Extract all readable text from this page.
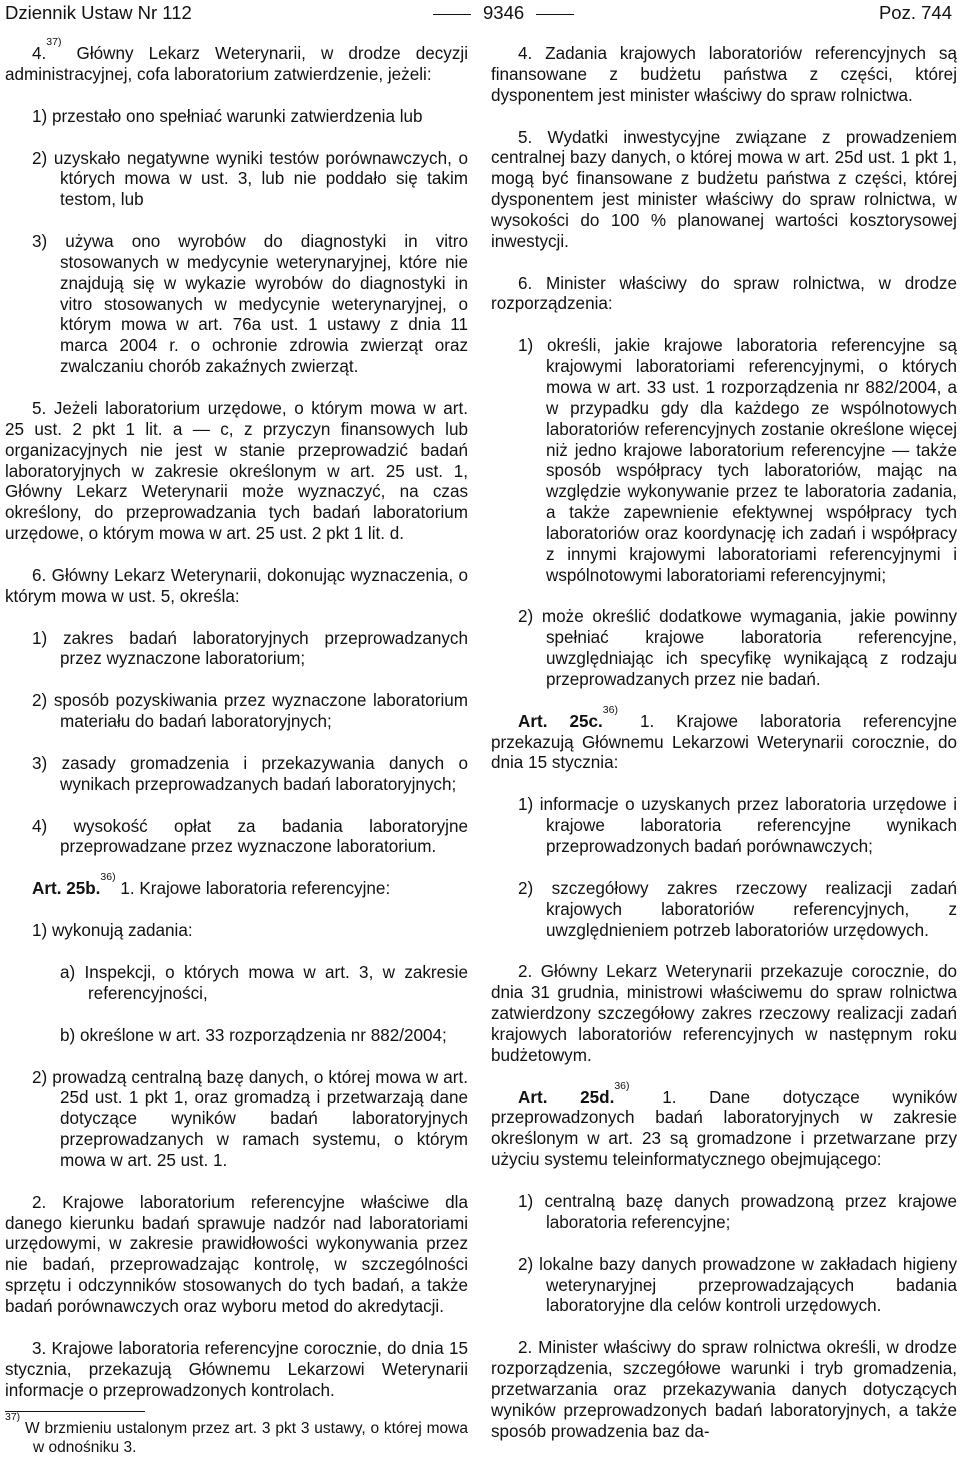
Dziennik Ustaw Nr 112	9346	Poz. 744

4.$^{37)}$ Główny Lekarz Weterynarii, w drodze decyzji administracyjnej, cofa laboratorium zatwierdzenie, jeżeli:

1) przestało ono spełniać warunki zatwierdzenia lub

2) uzyskało negatywne wyniki testów porównawczych, o których mowa w ust. 3, lub nie poddało się takim testom, lub

3) używa ono wyrobów do diagnostyki in vitro stosowanych w medycynie weterynaryjnej, które nie znajdują się w wykazie wyrobów do diagnostyki in vitro stosowanych w medycynie weterynaryjnej, o którym mowa w art. 76a ust. 1 ustawy z dnia 11 marca 2004 r. o ochronie zdrowia zwierząt oraz zwalczaniu chorób zakaźnych zwierząt.

5. Jeżeli laboratorium urzędowe, o którym mowa w art. 25 ust. 2 pkt 1 lit. a — c, z przyczyn finansowych lub organizacyjnych nie jest w stanie przeprowadzić badań laboratoryjnych w zakresie określonym w art. 25 ust. 1, Główny Lekarz Weterynarii może wyznaczyć, na czas określony, do przeprowadzania tych badań laboratorium urzędowe, o którym mowa w art. 25 ust. 2 pkt 1 lit. d.

6. Główny Lekarz Weterynarii, dokonując wyznaczenia, o którym mowa w ust. 5, określa:

1) zakres badań laboratoryjnych przeprowadzanych przez wyznaczone laboratorium;

2) sposób pozyskiwania przez wyznaczone laboratorium materiału do badań laboratoryjnych;

3) zasady gromadzenia i przekazywania danych o wynikach przeprowadzanych badań laboratoryjnych;

4) wysokość opłat za badania laboratoryjne przeprowadzane przez wyznaczone laboratorium.

Art. 25b.$^{36)}$ 1. Krajowe laboratoria referencyjne:

1) wykonują zadania:

a) Inspekcji, o których mowa w art. 3, w zakresie referencyjności,

b) określone w art. 33 rozporządzenia nr 882/2004;

2) prowadzą centralną bazę danych, o której mowa w art. 25d ust. 1 pkt 1, oraz gromadzą i przetwarzają dane dotyczące wyników badań laboratoryjnych przeprowadzanych w ramach systemu, o którym mowa w art. 25 ust. 1.

2. Krajowe laboratorium referencyjne właściwe dla danego kierunku badań sprawuje nadzór nad laboratoriami urzędowymi, w zakresie prawidłowości wykonywania przez nie badań, przeprowadzając kontrolę, w szczególności sprzętu i odczynników stosowanych do tych badań, a także badań porównawczych oraz wyboru metod do akredytacji.

3. Krajowe laboratoria referencyjne corocznie, do dnia 15 stycznia, przekazują Głównemu Lekarzowi Weterynarii informacje o przeprowadzonych kontrolach.

$^{37)}$ W brzmieniu ustalonym przez art. 3 pkt 3 ustawy, o której mowa w odnośniku 3.

4. Zadania krajowych laboratoriów referencyjnych są finansowane z budżetu państwa z części, której dysponentem jest minister właściwy do spraw rolnictwa.

5. Wydatki inwestycyjne związane z prowadzeniem centralnej bazy danych, o której mowa w art. 25d ust. 1 pkt 1, mogą być finansowane z budżetu państwa z części, której dysponentem jest minister właściwy do spraw rolnictwa, w wysokości do 100 % planowanej wartości kosztorysowej inwestycji.

6. Minister właściwy do spraw rolnictwa, w drodze rozporządzenia:

1) określi, jakie krajowe laboratoria referencyjne są krajowymi laboratoriami referencyjnymi, o których mowa w art. 33 ust. 1 rozporządzenia nr 882/2004, a w przypadku gdy dla każdego ze wspólnotowych laboratoriów referencyjnych zostanie określone więcej niż jedno krajowe laboratorium referencyjne — także sposób współpracy tych laboratoriów, mając na względzie wykonywanie przez te laboratoria zadania, a także zapewnienie efektywnej współpracy tych laboratoriów oraz koordynację ich zadań i współpracy z innymi krajowymi laboratoriami referencyjnymi i wspólnotowymi laboratoriami referencyjnymi;

2) może określić dodatkowe wymagania, jakie powinny spełniać krajowe laboratoria referencyjne, uwzględniając ich specyfikę wynikającą z rodzaju przeprowadzanych przez nie badań.

Art. 25c.$^{36)}$ 1. Krajowe laboratoria referencyjne przekazują Głównemu Lekarzowi Weterynarii corocznie, do dnia 15 stycznia:

1) informacje o uzyskanych przez laboratoria urzędowe i krajowe laboratoria referencyjne wynikach przeprowadzonych badań porównawczych;

2) szczegółowy zakres rzeczowy realizacji zadań krajowych laboratoriów referencyjnych, z uwzględnieniem potrzeb laboratoriów urzędowych.

2. Główny Lekarz Weterynarii przekazuje corocznie, do dnia 31 grudnia, ministrowi właściwemu do spraw rolnictwa zatwierdzony szczegółowy zakres rzeczowy realizacji zadań krajowych laboratoriów referencyjnych w następnym roku budżetowym.

Art. 25d.$^{36)}$ 1. Dane dotyczące wyników przeprowadzonych badań laboratoryjnych w zakresie określonym w art. 23 są gromadzone i przetwarzane przy użyciu systemu teleinformatycznego obejmującego:

1) centralną bazę danych prowadzoną przez krajowe laboratoria referencyjne;

2) lokalne bazy danych prowadzone w zakładach higieny weterynaryjnej przeprowadzających badania laboratoryjne dla celów kontroli urzędowych.

2. Minister właściwy do spraw rolnictwa określi, w drodze rozporządzenia, szczegółowe warunki i tryb gromadzenia, przetwarzania oraz przekazywania danych dotyczących wyników przeprowadzonych badań laboratoryjnych, a także sposób prowadzenia baz da-
